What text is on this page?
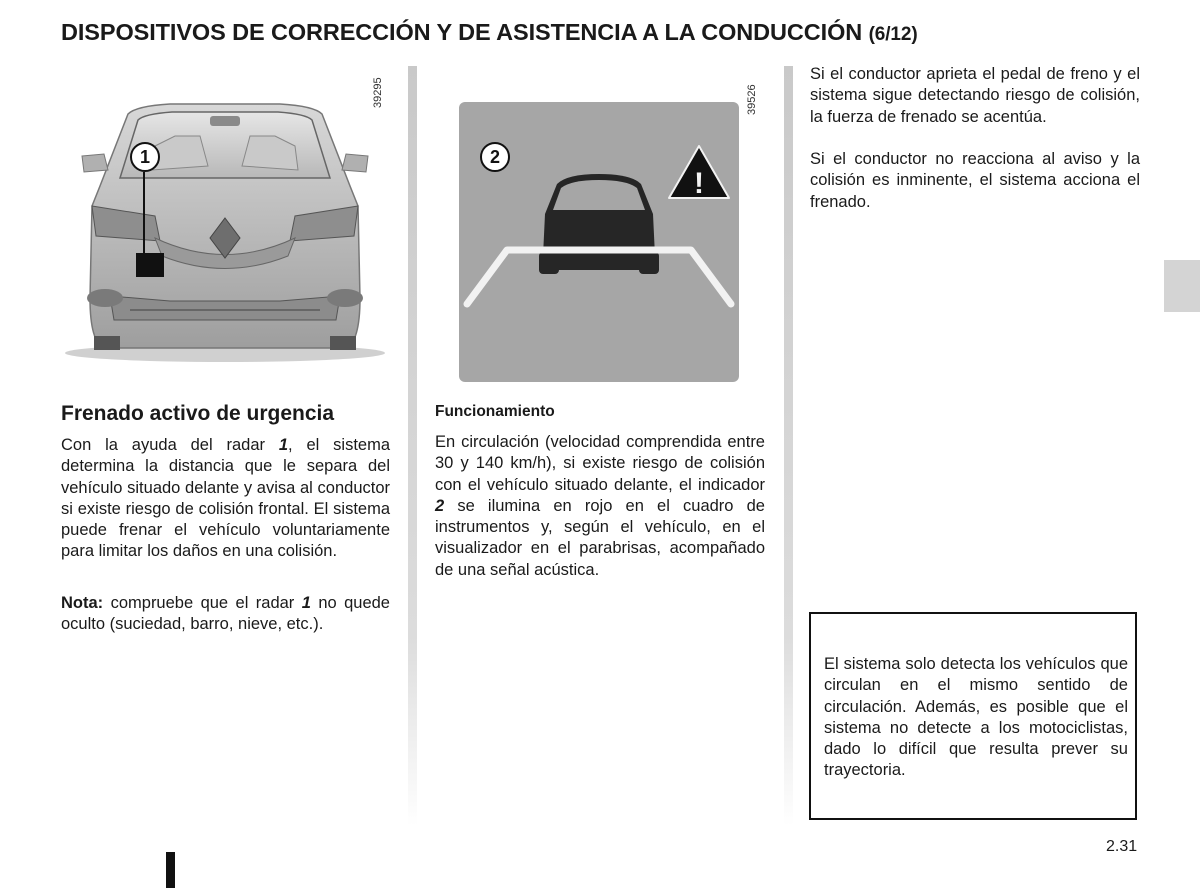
DISPOSITIVOS DE CORRECCIÓN Y DE ASISTENCIA A LA CONDUCCIÓN (6/12)
1
39295
!
2
39526
Frenado activo de urgencia

Con la ayuda del radar 1, el sistema determina la distancia que le separa del vehículo situado delante y avisa al conductor si existe riesgo de colisión frontal. El sistema puede frenar el vehículo voluntariamente para limitar los daños en una colisión.

Nota: compruebe que el radar 1 no quede oculto (suciedad, barro, nieve, etc.).

Funcionamiento

En circulación (velocidad comprendida entre 30 y 140 km/h), si existe riesgo de colisión con el vehículo situado delante, el indicador 2 se ilumina en rojo en el cuadro de instrumentos y, según el vehículo, en el visualizador en el parabrisas, acompañado de una señal acústica.

Si el conductor aprieta el pedal de freno y el sistema sigue detectando riesgo de colisión, la fuerza de frenado se acentúa.

Si el conductor no reacciona al aviso y la colisión es inminente, el sistema acciona el frenado.

El sistema solo detecta los vehículos que circulan en el mismo sentido de circulación. Además, es posible que el sistema no detecte a los motociclistas, dado lo difícil que resulta prever su trayectoria.

2.31
